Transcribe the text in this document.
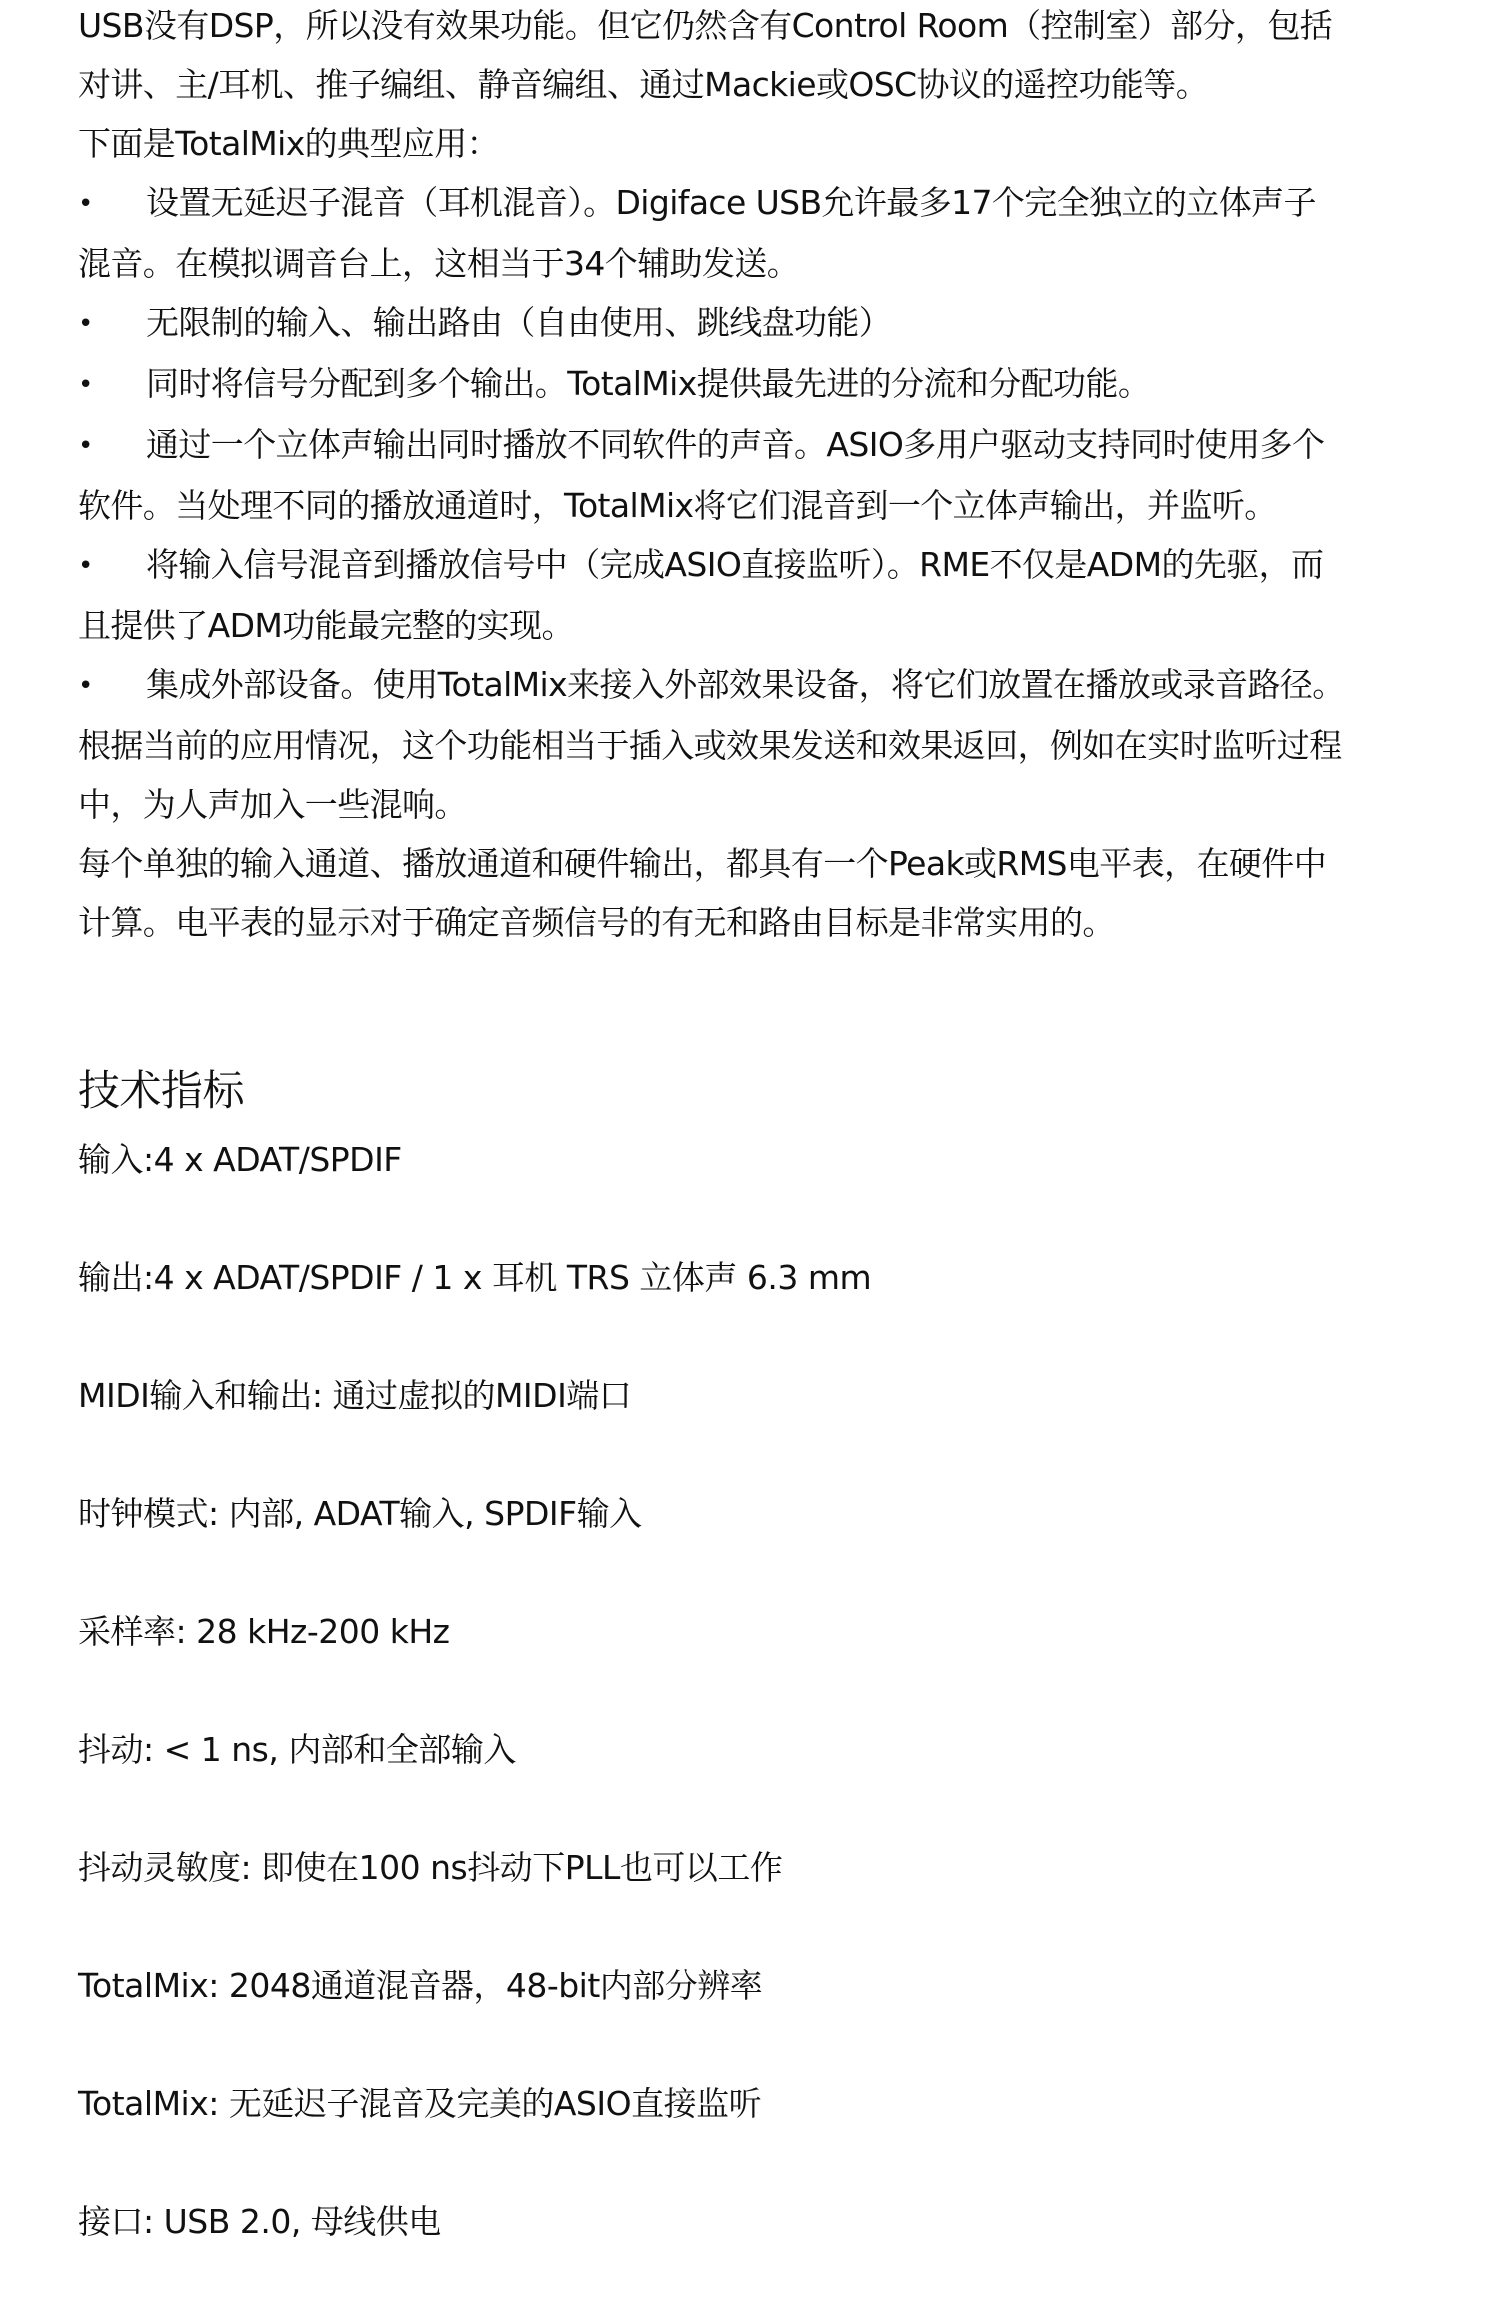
USB没有DSP，所以没有效果功能。但它仍然含有Control Room（控制室）部分，包括

对讲、主/耳机、推子编组、静音编组、通过Mackie或OSC协议的遥控功能等。

下面是TotalMix的典型应用：

• 设置无延迟子混音（耳机混音）。Digiface USB允许最多17个完全独立的立体声子
混音。在模拟调音台上，这相当于34个辅助发送。
• 无限制的输入、输出路由（自由使用、跳线盘功能）
• 同时将信号分配到多个输出。TotalMix提供最先进的分流和分配功能。
• 通过一个立体声输出同时播放不同软件的声音。ASIO多用户驱动支持同时使用多个
软件。当处理不同的播放通道时，TotalMix将它们混音到一个立体声输出，并监听。
• 将输入信号混音到播放信号中（完成ASIO直接监听）。RME不仅是ADM的先驱，而
且提供了ADM功能最完整的实现。
• 集成外部设备。使用TotalMix来接入外部效果设备，将它们放置在播放或录音路径。
根据当前的应用情况，这个功能相当于插入或效果发送和效果返回，例如在实时监听过程
中，为人声加入一些混响。

每个单独的输入通道、播放通道和硬件输出，都具有一个Peak或RMS电平表，在硬件中

计算。电平表的显示对于确定音频信号的有无和路由目标是非常实用的。

技术指标
输入:4 x ADAT/SPDIF
输出:4 x ADAT/SPDIF / 1 x 耳机 TRS 立体声 6.3 mm
MIDI输入和输出: 通过虚拟的MIDI端口
时钟模式: 内部, ADAT输入, SPDIF输入
采样率: 28 kHz-200 kHz
抖动: < 1 ns, 内部和全部输入
抖动灵敏度: 即使在100 ns抖动下PLL也可以工作
TotalMix: 2048通道混音器，48-bit内部分辨率
TotalMix: 无延迟子混音及完美的ASIO直接监听
接口: USB 2.0, 母线供电
